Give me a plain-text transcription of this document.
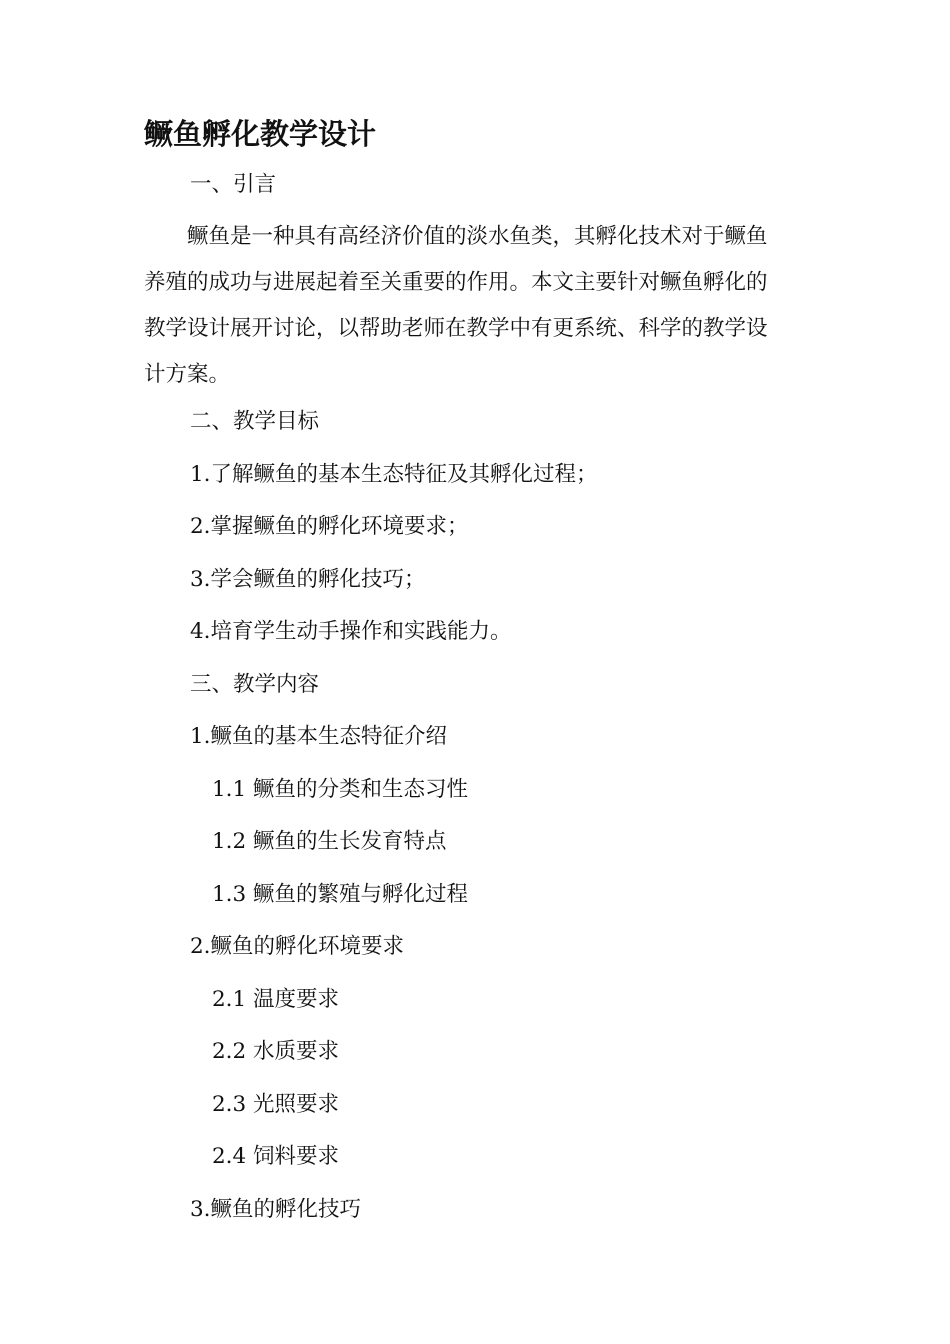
鳜鱼孵化教学设计
一、引言
　　鳜鱼是一种具有高经济价值的淡水鱼类，其孵化技术对于鳜鱼
养殖的成功与进展起着至关重要的作用。本文主要针对鳜鱼孵化的
教学设计展开讨论，以帮助老师在教学中有更系统、科学的教学设
计方案。
二、教学目标
1.了解鳜鱼的基本生态特征及其孵化过程；
2.掌握鳜鱼的孵化环境要求；
3.学会鳜鱼的孵化技巧；
4.培育学生动手操作和实践能力。
三、教学内容
1.鳜鱼的基本生态特征介绍
1.1 鳜鱼的分类和生态习性
1.2 鳜鱼的生长发育特点
1.3 鳜鱼的繁殖与孵化过程
2.鳜鱼的孵化环境要求
2.1 温度要求
2.2 水质要求
2.3 光照要求
2.4 饲料要求
3.鳜鱼的孵化技巧
